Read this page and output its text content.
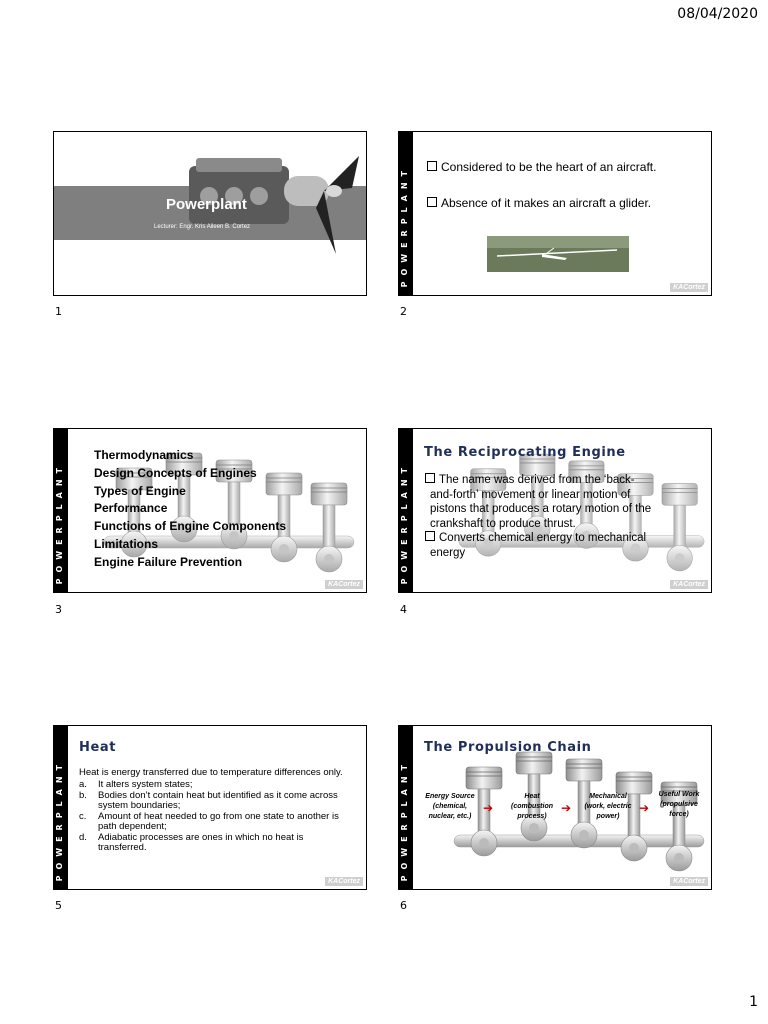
08/04/2020
Powerplant
Lecturer: Engr. Kris Aileen B. Cortez
1
POWERPLANT	Considered to be the heart of an aircraft.
Absence of it makes an aircraft a glider.
KACortez
2
POWERPLANT
Thermodynamics
Design Concepts of Engines
Types of Engine
Performance
Functions of Engine Components
Limitations
Engine Failure Prevention
KACortez
3
POWERPLANT
The Reciprocating Engine
The name was derived from the ‘back-
and-forth’ movement or linear motion of
pistons that produces a rotary motion of the
crankshaft to produce thrust.
Converts chemical energy to mechanical
energy
KACortez
4
POWERPLANT
Heat
Heat is energy transferred due to temperature differences only.
a.	It alters system states;
b.	Bodies don’t contain heat but identified as it come across system boundaries;
c.	Amount of heat needed to go from one state to another is path dependent;
d.	Adiabatic processes are ones in which no heat is transferred.
KACortez
5
POWERPLANT
The Propulsion Chain
Energy Source
(chemical, nuclear, etc.)
➔
Heat
(combustion process)
➔
Mechanical
(work, electric power)
➔
Useful Work
(propulsive force)
KACortez
6
1
